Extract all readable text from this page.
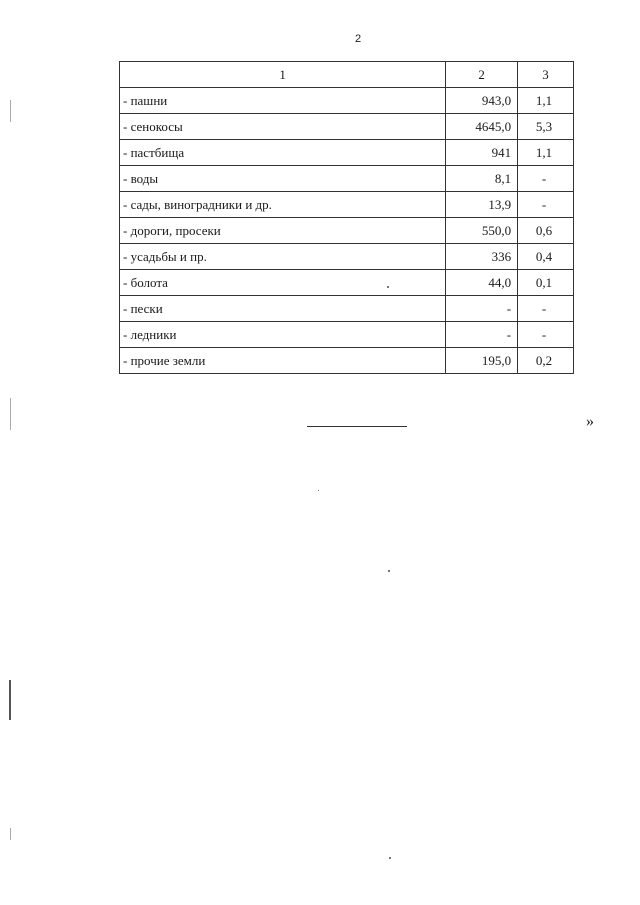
2
1	2	3
- пашни	943,0	1,1
- сенокосы	4645,0	5,3
- пастбища	941	1,1
- воды	8,1	-
- сады, виноградники и др.	13,9	-
- дороги, просеки	550,0	0,6
- усадьбы и пр.	336	0,4
- болота	44,0	0,1
- пески	-	-
- ледники	-	-
- прочие земли	195,0	0,2
»
